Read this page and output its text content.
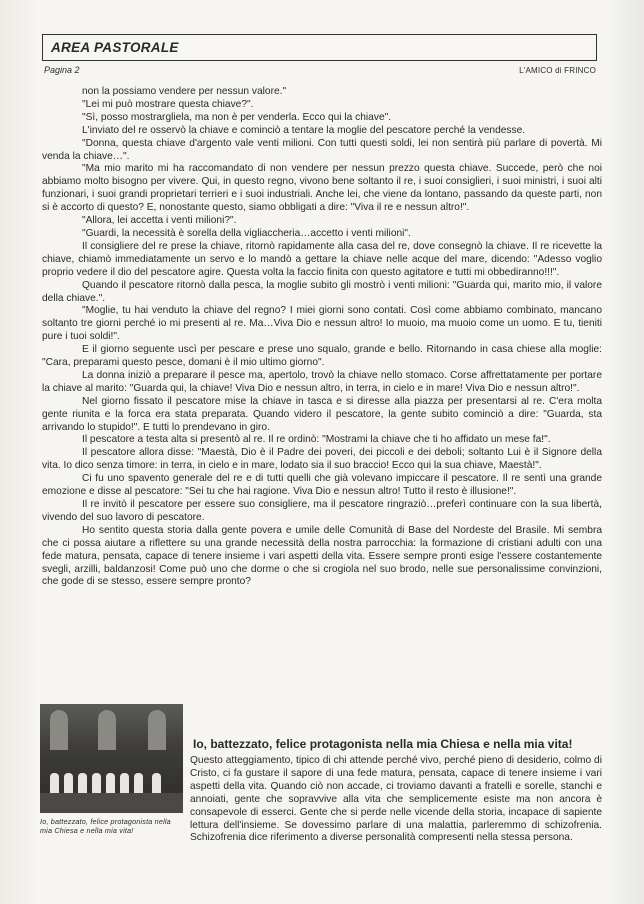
AREA PASTORALE
Pagina 2	L'AMICO di FRINCO

non la possiamo vendere per nessun valore."

"Lei mi può mostrare questa chiave?".

"Sì, posso mostrargliela, ma non è per venderla. Ecco qui la chiave".

L'inviato del re osservò la chiave e cominciò a tentare la moglie del pescatore perché la vendesse.

"Donna, questa chiave d'argento vale venti milioni. Con tutti questi soldi, lei non sentirà più parlare di povertà. Mi venda la chiave…".

"Ma mio marito mi ha raccomandato di non vendere per nessun prezzo questa chiave. Succede, però che noi abbiamo molto bisogno per vivere. Qui, in questo regno, vivono bene soltanto il re, i suoi consiglieri, i suoi ministri, i suoi alti funzionari, i suoi grandi proprietari terrieri e i suoi industriali. Anche lei, che viene da lontano, passando da queste parti, non si è accorto di questo? E, nonostante questo, siamo obbligati a dire: "Viva il re e nessun altro!".

"Allora, lei accetta i venti milioni?".

"Guardi, la necessità è sorella della vigliaccheria…accetto i venti milioni".

Il consigliere del re prese la chiave, ritornò rapidamente alla casa del re, dove consegnò la chiave. Il re ricevette la chiave, chiamò immediatamente un servo e lo mandò a gettare la chiave nelle acque del mare, dicendo: "Adesso voglio proprio vedere il dio del pescatore agire. Questa volta la faccio finita con questo agitatore e tutti mi obbediranno!!!".

Quando il pescatore ritornò dalla pesca, la moglie subito gli mostrò i venti milioni: "Guarda qui, marito mio, il valore della chiave.".

"Moglie, tu hai venduto la chiave del regno? I miei giorni sono contati. Così come abbiamo combinato, mancano soltanto tre giorni perché io mi presenti al re. Ma…Viva Dio e nessun altro! Io muoio, ma muoio come un uomo. E tu, tieniti pure i tuoi soldi!".

E il giorno seguente uscì per pescare e prese uno squalo, grande e bello. Ritornando in casa chiese alla moglie: "Cara, preparami questo pesce, domani è il mio ultimo giorno".

La donna iniziò a preparare il pesce ma, apertolo, trovò la chiave nello stomaco. Corse affrettatamente per portare la chiave al marito: "Guarda qui, la chiave! Viva Dio e nessun altro, in terra, in cielo e in mare! Viva Dio e nessun altro!".

Nel giorno fissato il pescatore mise la chiave in tasca e si diresse alla piazza per presentarsi al re. C'era molta gente riunita e la forca era stata preparata. Quando videro il pescatore, la gente subito cominciò a dire: "Guarda, sta arrivando lo stupido!". E tutti lo prendevano in giro.

Il pescatore a testa alta si presentò al re. Il re ordinò: "Mostrami la chiave che ti ho affidato un mese fa!".

Il pescatore allora disse: "Maestà, Dio è il Padre dei poveri, dei piccoli e dei deboli; soltanto Lui è il Signore della vita. Io dico senza timore: in terra, in cielo e in mare, lodato sia il suo braccio! Ecco qui la sua chiave, Maestà!".

Ci fu uno spavento generale del re e di tutti quelli che già volevano impiccare il pescatore. Il re sentì una grande emozione e disse al pescatore: "Sei tu che hai ragione. Viva Dio e nessun altro! Tutto il resto è illusione!".

Il re invitò il pescatore per essere suo consigliere, ma il pescatore ringraziò…preferì continuare con la sua libertà, vivendo del suo lavoro di pescatore.

Ho sentito questa storia dalla gente povera e umile delle Comunità di Base del Nordeste del Brasile. Mi sembra che ci possa aiutare a riflettere su una grande necessità della nostra parrocchia: la formazione di cristiani adulti con una fede matura, pensata, capace di tenere insieme i vari aspetti della vita. Essere sempre pronti esige l'essere costantemente svegli, arzilli, baldanzosi! Come può uno che dorme o che si crogiola nel suo brodo, nelle sue personalissime convinzioni, che gode di se stesso, essere sempre pronto?

Io, battezzato, felice protagonista nella mia Chiesa e nella mia vita!
Io, battezzato, felice protagonista nella mia Chiesa e nella mia vita!

Questo atteggiamento, tipico di chi attende perché vivo, perché pieno di desiderio, colmo di Cristo, ci fa gustare il sapore di una fede matura, pensata, capace di tenere insieme i vari aspetti della vita. Quando ciò non accade, ci troviamo davanti a fratelli e sorelle, stanchi e annoiati, gente che sopravvive alla vita che semplicemente esiste ma non ancora è consapevole di esserci. Gente che si perde nelle vicende della storia, incapace di sapiente lettura dell'insieme. Se dovessimo parlare di una malattia, parleremmo di schizofrenia. Schizofrenia dice riferimento a diverse personalità compresenti nella stessa persona.
